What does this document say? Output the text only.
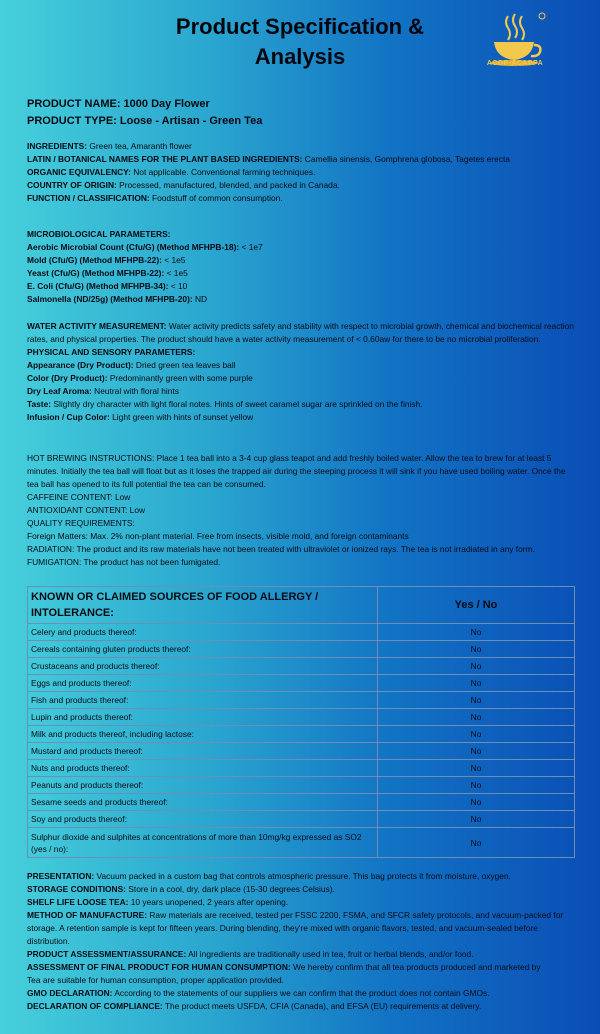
Product Specification &
Analysis	АСОР-АСАРРА
PRODUCT NAME: 1000 Day Flower
PRODUCT TYPE: Loose - Artisan - Green Tea

INGREDIENTS: Green tea, Amaranth flower

LATIN / BOTANICAL NAMES FOR THE PLANT BASED INGREDIENTS: Camellia sinensis, Gomphrena globosa, Tagetes erecta

ORGANIC EQUIVALENCY: Not applicable. Conventional farming techniques.

COUNTRY OF ORIGIN: Processed, manufactured, blended, and packed in Canada.

FUNCTION / CLASSIFICATION: Foodstuff of common consumption.

MICROBIOLOGICAL PARAMETERS:

Aerobic Microbial Count (Cfu/G) (Method MFHPB-18): < 1e7

Mold (Cfu/G) (Method MFHPB-22): < 1e5

Yeast (Cfu/G) (Method MFHPB-22): < 1e5

E. Coli (Cfu/G) (Method MFHPB-34): < 10

Salmonella (ND/25g) (Method MFHPB-20): ND

WATER ACTIVITY MEASUREMENT: Water activity predicts safety and stability with respect to microbial growth, chemical and biochemical reaction rates, and physical properties. The product should have a water activity measurement of < 0.60aw for there to be no microbial proliferation.

PHYSICAL AND SENSORY PARAMETERS:

Appearance (Dry Product): Dried green tea leaves ball

Color (Dry Product): Predominantly green with some purple

Dry Leaf Aroma: Neutral with floral hints

Taste: Slightly dry character with light floral notes. Hints of sweet caramel sugar are sprinkled on the finish.

Infusion / Cup Color: Light green with hints of sunset yellow

HOT BREWING INSTRUCTIONS: Place 1 tea ball into a 3-4 cup glass teapot and add freshly boiled water. Allow the tea to brew for at least 5 minutes. Initially the tea ball will float but as it loses the trapped air during the steeping process it will sink if you have used boiling water. Once the tea ball has opened to its full potential the tea can be consumed.

CAFFEINE CONTENT: Low

ANTIOXIDANT CONTENT: Low

QUALITY REQUIREMENTS:

Foreign Matters: Max. 2% non-plant material. Free from insects, visible mold, and foreign contaminants

RADIATION: The product and its raw materials have not been treated with ultraviolet or ionized rays. The tea is not irradiated in any form.

FUMIGATION: The product has not been fumigated.

KNOWN OR CLAIMED SOURCES OF FOOD ALLERGY / INTOLERANCE:	Yes / No
Celery and products thereof:	No
Cereals containing gluten products thereof:	No
Crustaceans and products thereof:	No
Eggs and products thereof:	No
Fish and products thereof:	No
Lupin and products thereof:	No
Milk and products thereof, including lactose:	No
Mustard and products thereof:	No
Nuts and products thereof:	No
Peanuts and products thereof:	No
Sesame seeds and products thereof:	No
Soy and products thereof:	No
Sulphur dioxide and sulphites at concentrations of more than 10mg/kg expressed as SO2 (yes / no):	No

PRESENTATION: Vacuum packed in a custom bag that controls atmospheric pressure. This bag protects it from moisture, oxygen.

STORAGE CONDITIONS: Store in a cool, dry, dark place (15-30 degrees Celsius).

SHELF LIFE LOOSE TEA: 10 years unopened, 2 years after opening.

METHOD OF MANUFACTURE: Raw materials are received, tested per FSSC 2200, FSMA, and SFCR safety protocols, and vacuum-packed for storage. A retention sample is kept for fifteen years. During blending, they're mixed with organic flavors, tested, and vacuum-sealed before distribution.

PRODUCT ASSESSMENT/ASSURANCE: All ingredients are traditionally used in tea, fruit or herbal blends, and/or food.

ASSESSMENT OF FINAL PRODUCT FOR HUMAN CONSUMPTION: We hereby confirm that all tea products produced and marketed by                    Tea are suitable for human consumption, proper application provided.

GMO DECLARATION: According to the statements of our suppliers we can confirm that the product does not contain GMOs.

DECLARATION OF COMPLIANCE: The product meets USFDA, CFIA (Canada), and EFSA (EU) requirements at delivery.
